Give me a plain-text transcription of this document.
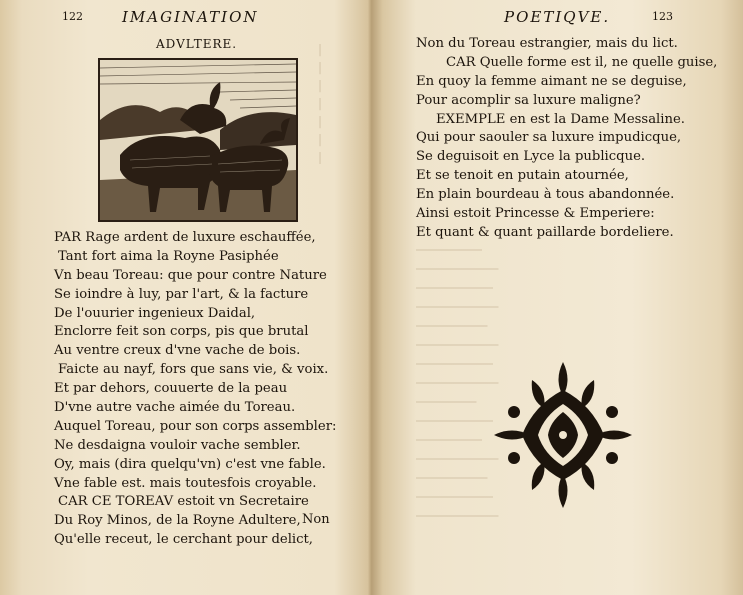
122	IMAGINATION
ADVLTERE.
PAR Rage ardent de luxure eschauffée,
Tant fort aima la Royne Pasiphée
Vn beau Toreau: que pour contre Nature
Se ioindre à luy, par l'art, & la facture
De l'ouurier ingenieux Daidal,
Enclorre feit son corps, pis que brutal
Au ventre creux d'vne vache de bois.
Faicte au nayf, fors que sans vie, & voix.
Et par dehors, couuerte de la peau
D'vne autre vache aimée du Toreau.
Auquel Toreau, pour son corps assembler:
Ne desdaigna vouloir vache sembler.
Oy, mais (dira quelqu'vn) c'est vne fable.
Vne fable est. mais toutesfois croyable.
CAR CE TOREAV estoit vn Secretaire
Du Roy Minos, de la Royne Adultere,
Qu'elle receut, le cerchant pour delict,
Non
|
|
|
|
|
|
|
POETIQVE.	123
Non du Toreau estrangier, mais du lict.
CAR Quelle forme est il, ne quelle guise,
En quoy la femme aimant ne se deguise,
Pour acomplir sa luxure maligne?
EXEMPLE en est la Dame Messaline.
Qui pour saouler sa luxure impudicque,
Se deguisoit en Lyce la publicque.
Et se tenoit en putain atournée,
En plain bourdeau à tous abandonnée.
Ainsi estoit Princesse & Emperiere:
Et quant & quant paillarde bordeliere.
⎯⎯⎯⎯⎯⎯⎯⎯⎯⎯⎯⎯
⎯⎯⎯⎯⎯⎯⎯⎯⎯⎯⎯⎯⎯⎯⎯
⎯⎯⎯⎯⎯⎯⎯⎯⎯⎯⎯⎯⎯⎯
⎯⎯⎯⎯⎯⎯⎯⎯⎯⎯⎯⎯⎯⎯⎯
⎯⎯⎯⎯⎯⎯⎯⎯⎯⎯⎯⎯⎯
⎯⎯⎯⎯⎯⎯⎯⎯⎯⎯⎯⎯⎯⎯⎯
⎯⎯⎯⎯⎯⎯⎯⎯⎯⎯⎯⎯⎯⎯
⎯⎯⎯⎯⎯⎯⎯⎯⎯⎯⎯⎯⎯⎯⎯
⎯⎯⎯⎯⎯⎯⎯⎯⎯⎯⎯
⎯⎯⎯⎯⎯⎯⎯⎯⎯⎯⎯⎯⎯⎯
⎯⎯⎯⎯⎯⎯⎯⎯⎯⎯⎯⎯
⎯⎯⎯⎯⎯⎯⎯⎯⎯⎯⎯⎯⎯⎯⎯
⎯⎯⎯⎯⎯⎯⎯⎯⎯⎯⎯⎯⎯
⎯⎯⎯⎯⎯⎯⎯⎯⎯⎯⎯⎯⎯⎯
⎯⎯⎯⎯⎯⎯⎯⎯⎯⎯⎯⎯⎯⎯⎯
